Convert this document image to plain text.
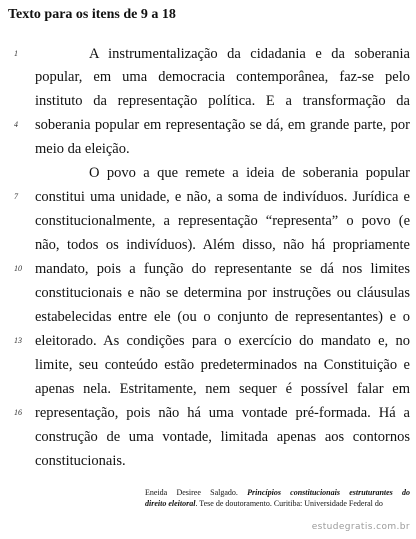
Texto para os itens de 9 a 18
1	A instrumentalização da cidadania e da soberania
popular, em uma democracia contemporânea, faz-se pelo
instituto da representação política. E a transformação da
4	soberania popular em representação se dá, em grande parte, por
meio da eleição.
O povo a que remete a ideia de soberania popular
7	constitui uma unidade, e não, a soma de indivíduos. Jurídica e
constitucionalmente, a representação “representa” o povo (e
não, todos os indivíduos). Além disso, não há propriamente
10 mandato, pois a função do representante se dá nos limites
constitucionais e não se determina por instruções ou cláusulas
estabelecidas entre ele (ou o conjunto de representantes) e o
13 eleitorado. As condições para o exercício do mandato e, no
limite, seu conteúdo estão predeterminados na Constituição e
apenas nela. Estritamente, nem sequer é possível falar em
16 representação, pois não há uma vontade pré-formada. Há a
construção de uma vontade, limitada apenas aos contornos
constitucionais.
Eneida Desiree Salgado. Princípios constitucionais estruturantes do
direito eleitoral. Tese de doutoramento. Curitiba: Universidade Federal do
estudegratis.com.br
